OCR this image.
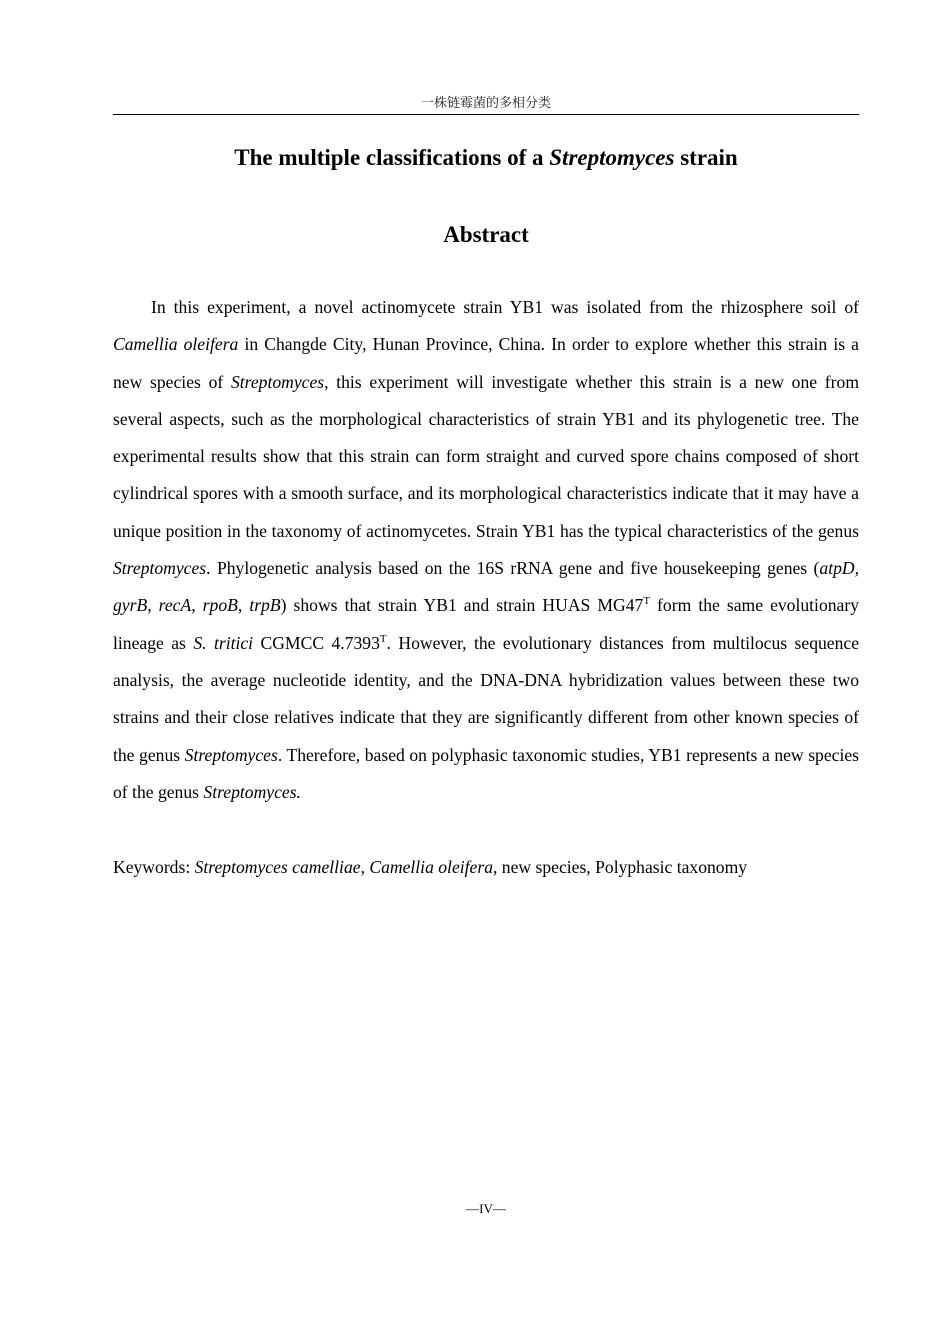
一株链霉菌的多相分类
The multiple classifications of a Streptomyces strain
Abstract

In this experiment, a novel actinomycete strain YB1 was isolated from the rhizosphere soil of Camellia oleifera in Changde City, Hunan Province, China. In order to explore whether this strain is a new species of Streptomyces, this experiment will investigate whether this strain is a new one from several aspects, such as the morphological characteristics of strain YB1 and its phylogenetic tree. The experimental results show that this strain can form straight and curved spore chains composed of short cylindrical spores with a smooth surface, and its morphological characteristics indicate that it may have a unique position in the taxonomy of actinomycetes. Strain YB1 has the typical characteristics of the genus Streptomyces. Phylogenetic analysis based on the 16S rRNA gene and five housekeeping genes (atpD, gyrB, recA, rpoB, trpB) shows that strain YB1 and strain HUAS $MG47^T$ form the same evolutionary lineage as S. tritici CGMCC $4.7393^T$. However, the evolutionary distances from multilocus sequence analysis, the average nucleotide identity, and the DNA-DNA hybridization values between these two strains and their close relatives indicate that they are significantly different from other known species of the genus Streptomyces. Therefore, based on polyphasic taxonomic studies, YB1 represents a new species of the genus Streptomyces.

Keywords: Streptomyces camelliae, Camellia oleifera, new species, Polyphasic taxonomy

—IV—
